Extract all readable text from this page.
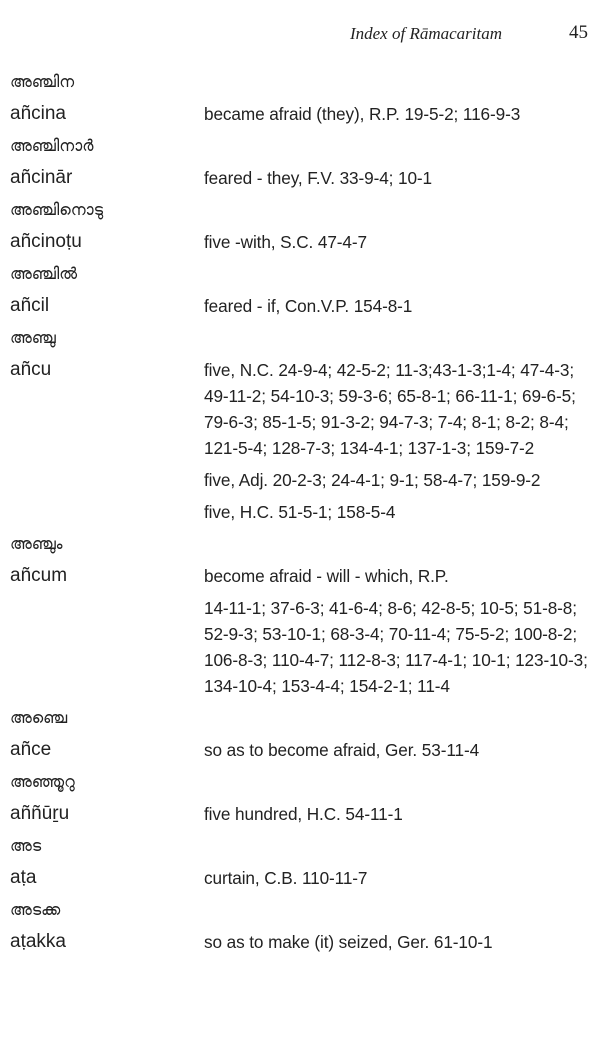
Index of Rāmacaritam	45
അഞ്ചിന
añcina	became afraid (they), R.P. 19-5-2; 116-9-3
അഞ്ചിനാർ
añcinār	feared - they, F.V. 33-9-4; 10-1
അഞ്ചിനൊടു
añcinoṭu	five -with, S.C. 47-4-7
അഞ്ചിൽ
añcil	feared - if, Con.V.P. 154-8-1
അഞ്ചു
añcu	five, N.C. 24-9-4; 42-5-2; 11-3;43-1-3;1-4; 47-4-3; 49-11-2; 54-10-3; 59-3-6; 65-8-1; 66-11-1; 69-6-5; 79-6-3; 85-1-5; 91-3-2; 94-7-3; 7-4; 8-1; 8-2; 8-4; 121-5-4; 128-7-3; 134-4-1; 137-1-3; 159-7-2
five, Adj. 20-2-3; 24-4-1; 9-1; 58-4-7; 159-9-2
five, H.C. 51-5-1; 158-5-4
അഞ്ചും
añcum	become afraid - will - which, R.P.
14-11-1; 37-6-3; 41-6-4; 8-6; 42-8-5; 10-5; 51-8-8; 52-9-3; 53-10-1; 68-3-4; 70-11-4; 75-5-2; 100-8-2; 106-8-3; 110-4-7; 112-8-3; 117-4-1; 10-1; 123-10-3; 134-10-4; 153-4-4; 154-2-1; 11-4
അഞ്ചെ
añce	so as to become afraid, Ger. 53-11-4
അഞ്ഞൂറു
aññūṟu	five hundred, H.C. 54-11-1
അട
aṭa	curtain, C.B. 110-11-7
അടക്ക
aṭakka	so as to make (it) seized, Ger. 61-10-1
